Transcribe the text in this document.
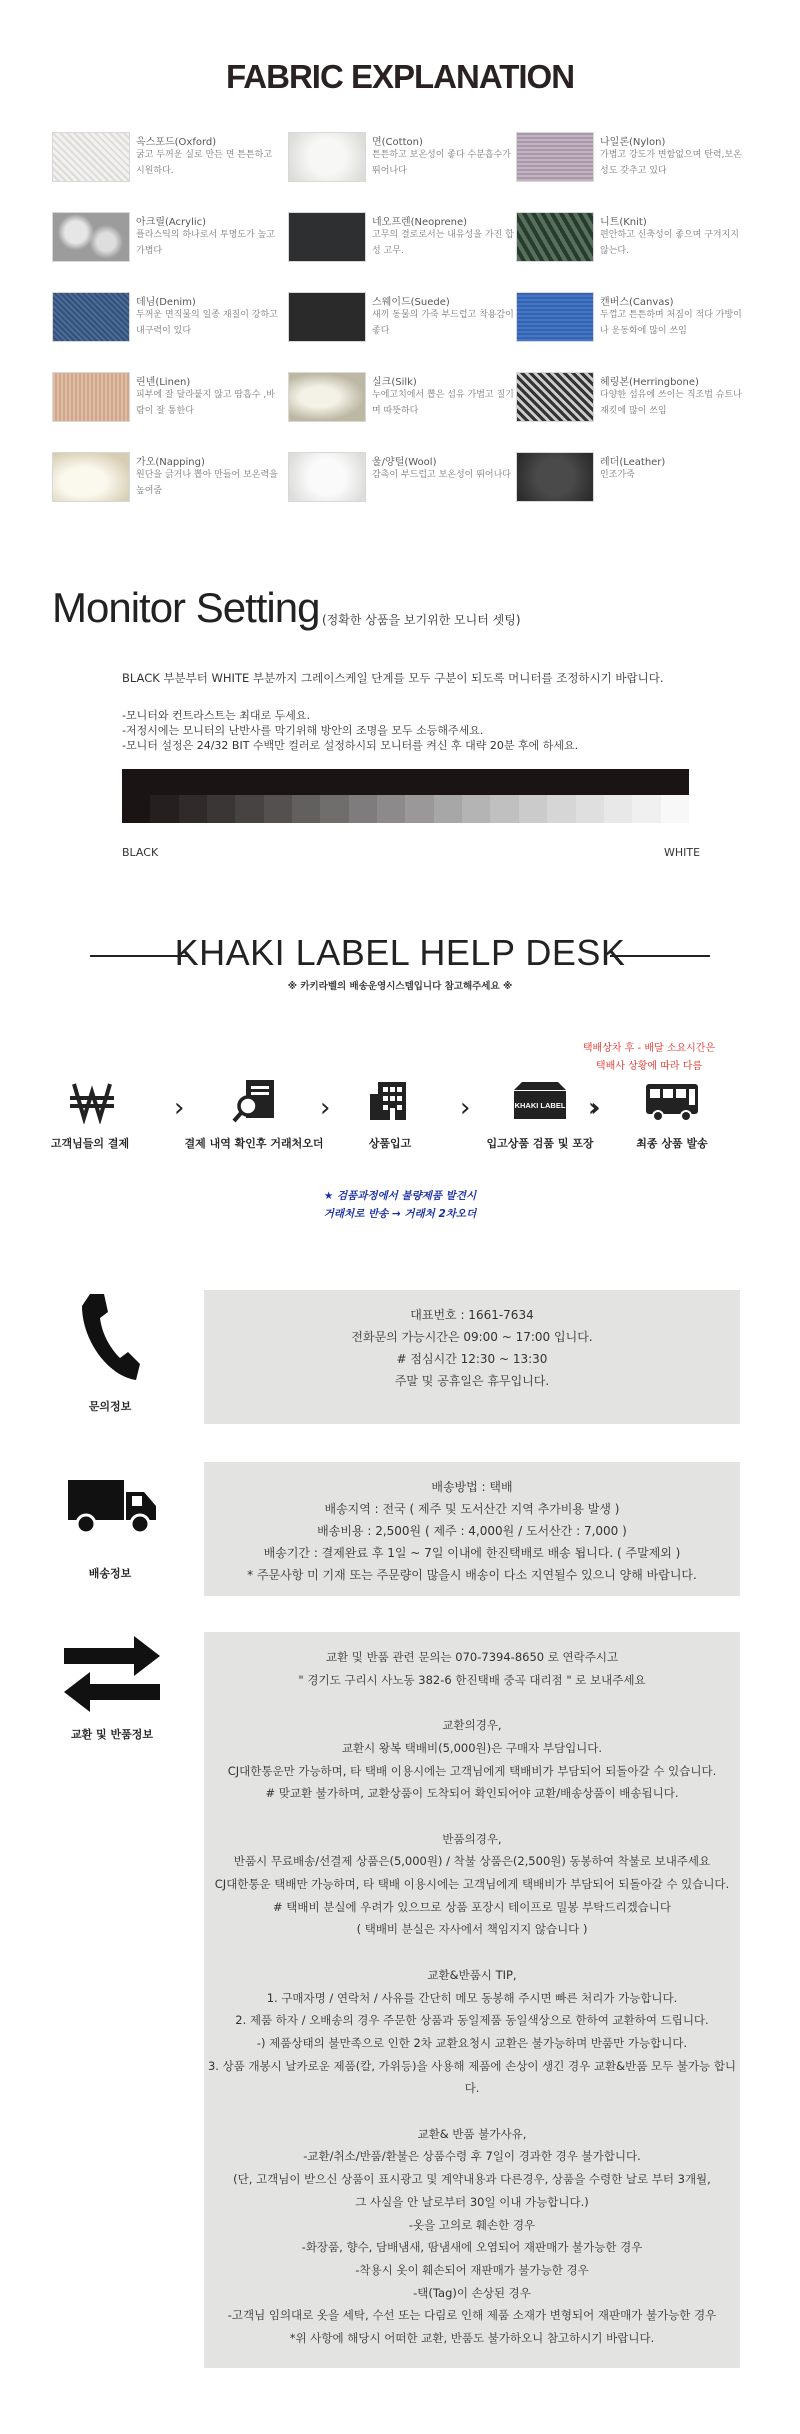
FABRIC EXPLANATION
옥스포드(Oxford)
굵고 두꺼운 실로 만든 면 튼튼하고 시원하다.
면(Cotton)
튼튼하고 보온성이 좋다 수분흡수가 뛰어나다
나일론(Nylon)
가볍고 강도가 변함없으며 탄력,보온성도 갖추고 있다
아크릴(Acrylic)
플라스틱의 하나로서 투명도가 높고 가볍다
네오프렌(Neoprene)
고무의 결로로서는 내유성을 가진 합성 고무.
니트(Knit)
편안하고 신축성이 좋으며 구겨지지 않는다.
데님(Denim)
두꺼운 면직물의 일종 재질이 강하고 내구력이 있다
스웨이드(Suede)
새끼 동물의 가죽 부드럽고 착용감이 좋다
캔버스(Canvas)
두껍고 튼튼하며 처짐이 적다 가방이나 운동화에 많이 쓰임
린넨(Linen)
피부에 잘 달라붙지 않고 땀흡수 ,바람이 잘 통한다
실크(Silk)
누에고치에서 뽑은 섬유 가볍고 질기며 따뜻하다
헤링본(Herringbone)
다양한 섬유에 쓰이는 직조법 슈트나 재킷에 많이 쓰임
가오(Napping)
원단을 긁거나 뽑아 만들어 보온력을 높여줌
울/양털(Wool)
감촉이 부드럽고 보온성이 뛰어나다
레더(Leather)
인조가죽
Monitor Setting (정확한 상품을 보기위한 모니터 셋팅)
BLACK 부분부터 WHITE 부분까지 그레이스케일 단계를 모두 구분이 되도록 머니터를 조정하시기 바랍니다.
-모니터와 컨트라스트는 최대로 두세요.
-저정시에는 모니터의 난반사를 막기위해 방안의 조명을 모두 소등해주세요.
-모니터 설정은 24/32 BIT 수백만 컬러로 설정하시되 모니터를 켜신 후 대략 20분 후에 하세요.
BLACK	WHITE
KHAKI LABEL HELP DESK
※ 카키라벨의 배송운영시스템입니다 참고해주세요 ※
택배상차 후 - 배달 소요시간은
택배사 상황에 따라 다름
고객님들의 결제
›
결제 내역 확인후 거래처오더
›
상품입고
›	KHAKI LABEL
입고상품 검품 및 포장
››
최종 상품 발송
★ 검품과정에서 불량제품 발견시
거래처로 반송 → 거래처 2차오더
문의정보

대표번호 : 1661-7634

전화문의 가능시간은 09:00 ~ 17:00 입니다.

# 점심시간 12:30 ~ 13:30

주말 및 공휴일은 휴무입니다.

배송정보

배송방법 : 택배

배송지역 : 전국 ( 제주 및 도서산간 지역 추가비용 발생 )

배송비용 : 2,500원 ( 제주 : 4,000원 / 도서산간 : 7,000 )

배송기간 : 결제완료 후 1일 ~ 7일 이내에 한진택배로 배송 됩니다. ( 주말제외 )

* 주문사항 미 기재 또는 주문량이 많을시 배송이 다소 지연될수 있으니 양해 바랍니다.

교환 및 반품정보

교환 및 반품 관련 문의는 070-7394-8650 로 연락주시고

" 경기도 구리시 사노동 382-6 한진택배 중곡 대리점 " 로 보내주세요

교환의경우,

교환시 왕복 택배비(5,000원)은 구매자 부담입니다.

CJ대한통운만 가능하며, 타 택배 이용시에는 고객님에게 택배비가 부담되어 되돌아갈 수 있습니다.

# 맞교환 불가하며, 교환상품이 도착되어 확인되어야 교환/배송상품이 배송됩니다.

반품의경우,

반품시 무료배송/선결제 상품은(5,000원) / 착불 상품은(2,500원) 동봉하여 착불로 보내주세요

CJ대한통운 택배만 가능하며, 타 택배 이용시에는 고객님에게 택배비가 부담되어 되돌아갈 수 있습니다.

# 택배비 분실에 우려가 있으므로 상품 포장시 테이프로 밀봉 부탁드리겠습니다

( 택배비 분실은 자사에서 책임지지 않습니다 )

교환&반품시 TIP,

1. 구매자명 / 연락처 / 사유를 간단히 메모 동봉해 주시면 빠른 처리가 가능합니다.

2. 제품 하자 / 오배송의 경우 주문한 상품과 동일제품 동일색상으로 한하여 교환하여 드립니다.

-) 제품상태의 불만족으로 인한 2차 교환요청시 교환은 불가능하며 반품만 가능합니다.

3. 상품 개봉시 날카로운 제품(칼, 가위등)을 사용해 제품에 손상이 생긴 경우 교환&반품 모두 불가능 합니다.

교환& 반품 불가사유,

-교환/취소/반품/환불은 상품수령 후 7일이 경과한 경우 불가합니다.

(단, 고객님이 받으신 상품이 표시광고 및 계약내용과 다른경우, 상품을 수령한 날로 부터 3개월,

그 사실을 안 날로부터 30일 이내 가능합니다.)

-옷을 고의로 훼손한 경우

-화장품, 향수, 담배냄새, 땀냄새에 오염되어 재판매가 불가능한 경우

-착용시 옷이 훼손되어 재판매가 불가능한 경우

-택(Tag)이 손상된 경우

-고객님 임의대로 옷을 세탁, 수선 또는 다림로 인해 제품 소재가 변형되어 재판매가 불가능한 경우

*위 사항에 해당시 어떠한 교환, 반품도 불가하오니 참고하시기 바랍니다.
